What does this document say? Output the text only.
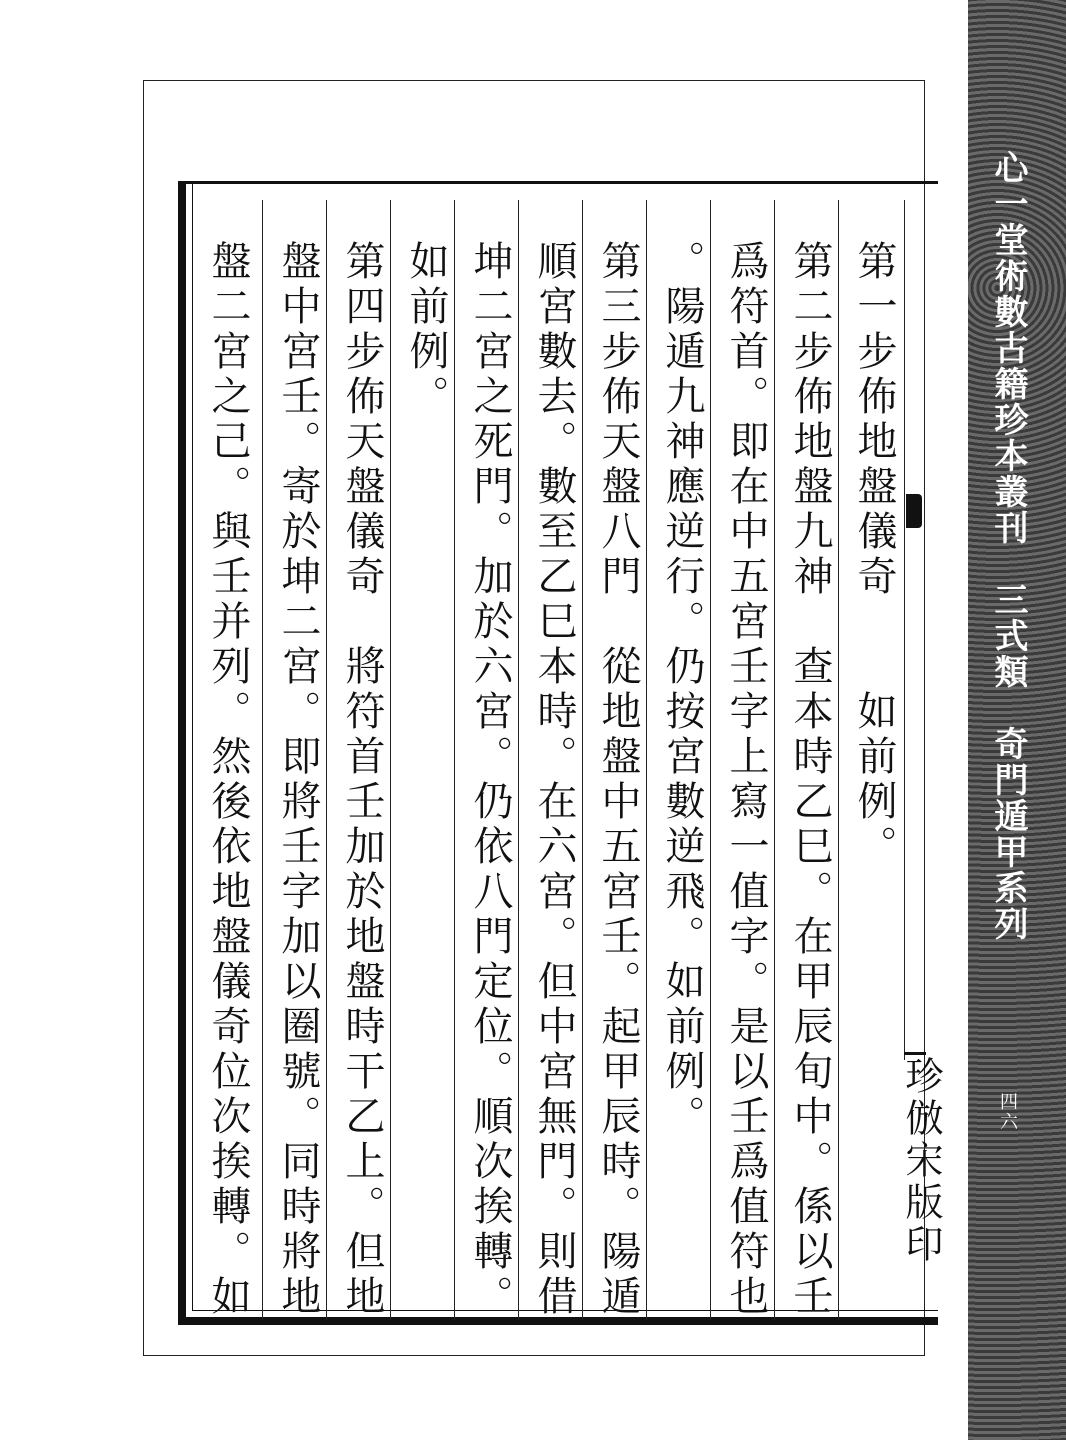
心一堂術數古籍珍本叢刊　三式類　奇門遁甲系列
四六
第一步佈地盤儀奇　　如前例。
第二步佈地盤九神　查本時乙巳。在甲辰旬中。係以壬
爲符首。即在中五宮壬字上寫一值字。是以壬爲值符也
。陽遁九神應逆行。仍按宮數逆飛。如前例。
第三步佈天盤八門　從地盤中五宮壬。起甲辰時。陽遁
順宮數去。數至乙巳本時。在六宮。但中宮無門。則借
坤二宮之死門。加於六宮。仍依八門定位。順次挨轉。
如前例。
第四步佈天盤儀奇　將符首壬加於地盤時干乙上。但地
盤中宮壬。寄於坤二宮。即將壬字加以圈號。同時將地
盤二宮之己。與壬并列。然後依地盤儀奇位次挨轉。如	珍倣宋版印
